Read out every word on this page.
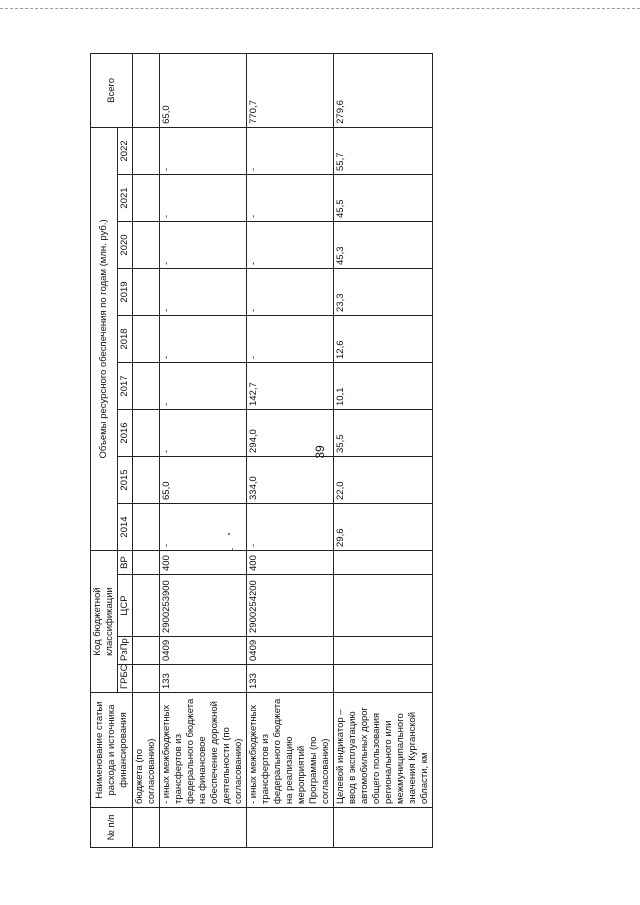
39
№ п/п	Наименование статьи расхода и источника финансирования	Код бюджетной классификации				Объемы ресурсного обеспечения по годам (млн. руб.)									Всего
		ГРБС	РзПр	ЦСР	ВР	2014	2015	2016	2017	2018	2019	2020	2021	2022	
	бюджета (по согласованию)														
	- иных межбюджетных трансфертов из федерального бюджета на финансовое обеспечение дорожной деятельности (по согласованию)	133	0409	2900253900	400	-	65,0	-	-	-	-	-	-	-	65,0
	- иных межбюджетных трансфертов из федерального бюджета на реализацию мероприятий Программы (по согласованию)	133	0409	2900254200	400	-	334,0	294,0	142,7	-	-	-	-	-	770,7
	Целевой индикатор – ввод в эксплуатацию автомобильных дорог общего пользования регионального или межмуниципального значения Курганской области, км					29,6	22,0	35,5	10,1	12,6	23,3	45,3	45,5	55,7	279,6
